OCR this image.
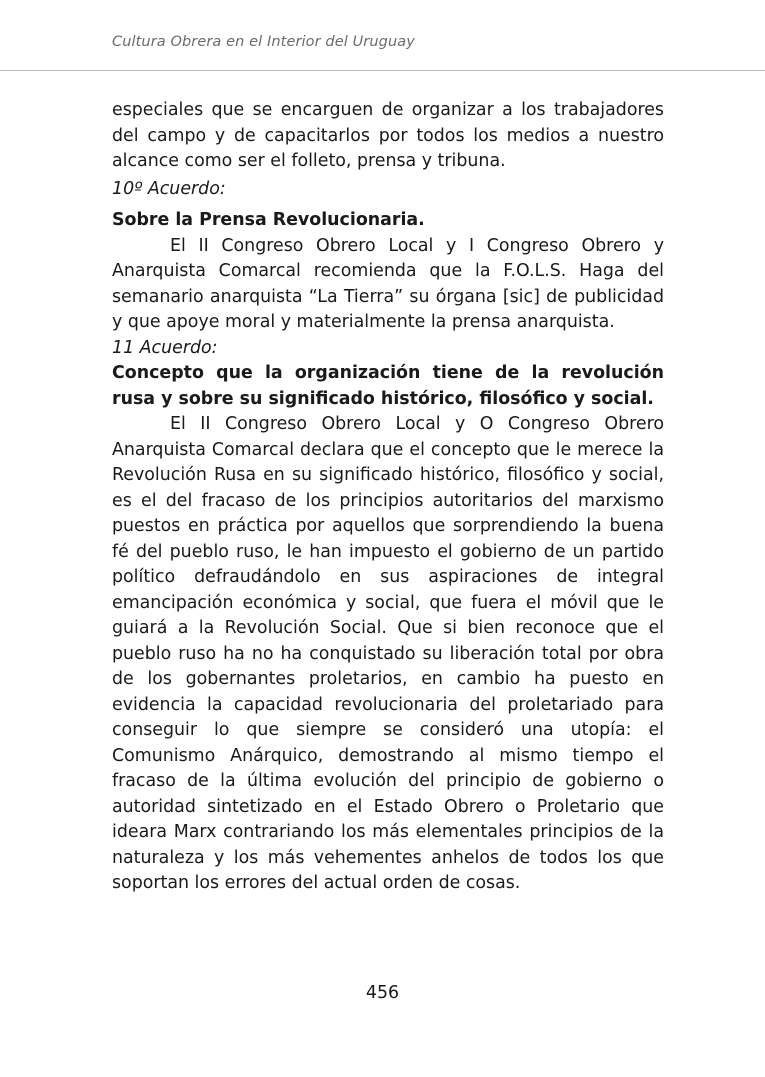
Cultura Obrera en el Interior del Uruguay

especiales que se encarguen de organizar a los trabajadores del campo y de capacitarlos por todos los medios a nuestro alcance como ser el folleto, prensa y tribuna.

10º Acuerdo:

Sobre la Prensa Revolucionaria.

El II Congreso Obrero Local y I Congreso Obrero y Anarquista Comarcal recomienda que la F.O.L.S. Haga del semanario anarquista “La Tierra” su órgana [sic] de publicidad y que apoye moral y materialmente la prensa anarquista.

11 Acuerdo:

Concepto que la organización tiene de la revolución rusa y sobre su significado histórico, filosófico y social.

El II Congreso Obrero Local y O Congreso Obrero Anarquista Comarcal declara que el concepto que le merece la Revolución Rusa en su significado histórico, filosófico y social, es el del fracaso de los principios autoritarios del marxismo puestos en práctica por aquellos que sorprendiendo la buena fé del pueblo ruso, le han impuesto el gobierno de un partido político defraudándolo en sus aspiraciones de integral emancipación económica y social, que fuera el móvil que le guiará a la Revolución Social. Que si bien reconoce que el pueblo ruso ha no ha conquistado su liberación total por obra de los gobernantes proletarios, en cambio ha puesto en evidencia la capacidad revolucionaria del proletariado para conseguir lo que siempre se consideró una utopía: el Comunismo Anárquico, demostrando al mismo tiempo el fracaso de la última evolución del principio de gobierno o autoridad sintetizado en el Estado Obrero o Proletario que ideara Marx contrariando los más elementales principios de la naturaleza y los más vehementes anhelos de todos los que soportan los errores del actual orden de cosas.

456
